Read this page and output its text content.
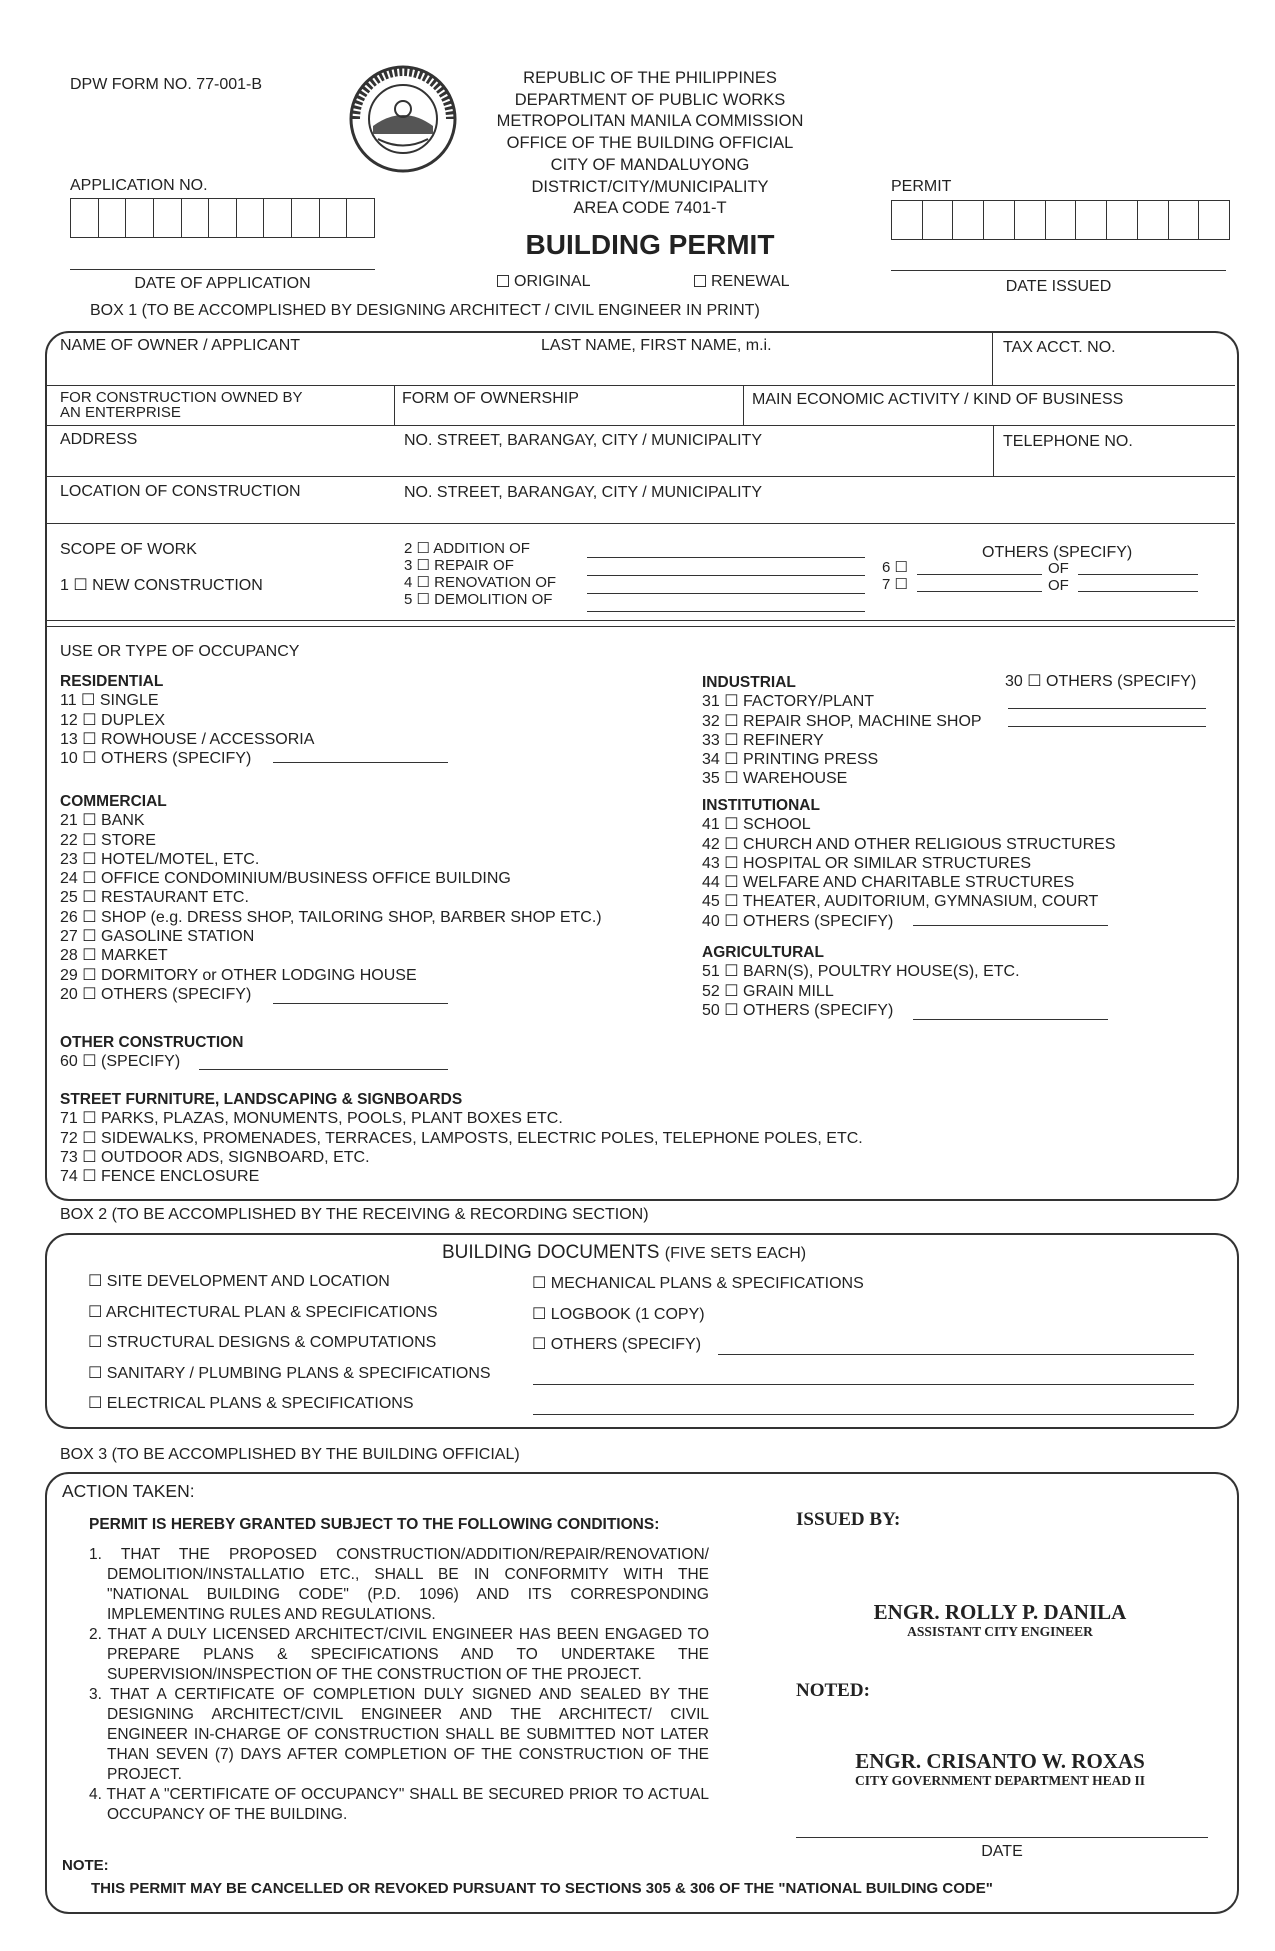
DPW FORM NO. 77-001-B	REPUBLIC OF THE PHILIPPINES
DEPARTMENT OF PUBLIC WORKS
METROPOLITAN MANILA COMMISSION
OFFICE OF THE BUILDING OFFICIAL
CITY OF MANDALUYONG
DISTRICT/CITY/MUNICIPALITY
AREA CODE 7401-T
BUILDING PERMIT
APPLICATION NO.	PERMIT
DATE OF APPLICATION	ORIGINAL	RENEWAL	DATE ISSUED
BOX 1 (TO BE ACCOMPLISHED BY DESIGNING ARCHITECT / CIVIL ENGINEER IN PRINT)
NAME OF OWNER / APPLICANT	LAST NAME, FIRST NAME, m.i.	TAX ACCT. NO.
FOR CONSTRUCTION OWNED BY AN ENTERPRISE
FORM OF OWNERSHIP	MAIN ECONOMIC ACTIVITY / KIND OF BUSINESS
ADDRESS	NO. STREET, BARANGAY, CITY / MUNICIPALITY	TELEPHONE NO.
LOCATION OF CONSTRUCTION	NO. STREET, BARANGAY, CITY / MUNICIPALITY
SCOPE OF WORK
1 ☐ NEW CONSTRUCTION
2 ☐ ADDITION OF
3 ☐ REPAIR OF
4 ☐ RENOVATION OF
5 ☐ DEMOLITION OF
OTHERS (SPECIFY)
6 ☐
7 ☐
OF
OF
USE OR TYPE OF OCCUPANCY
RESIDENTIAL
11 ☐ SINGLE
12 ☐ DUPLEX
13 ☐ ROWHOUSE / ACCESSORIA
10 ☐ OTHERS (SPECIFY)
COMMERCIAL
21 ☐ BANK
22 ☐ STORE
23 ☐ HOTEL/MOTEL, ETC.
24 ☐ OFFICE CONDOMINIUM/BUSINESS OFFICE BUILDING
25 ☐ RESTAURANT ETC.
26 ☐ SHOP (e.g. DRESS SHOP, TAILORING SHOP, BARBER SHOP ETC.)
27 ☐ GASOLINE STATION
28 ☐ MARKET
29 ☐ DORMITORY or OTHER LODGING HOUSE
20 ☐ OTHERS (SPECIFY)
OTHER CONSTRUCTION
60 ☐ (SPECIFY)
STREET FURNITURE, LANDSCAPING & SIGNBOARDS
71 ☐ PARKS, PLAZAS, MONUMENTS, POOLS, PLANT BOXES ETC.
72 ☐ SIDEWALKS, PROMENADES, TERRACES, LAMPOSTS, ELECTRIC POLES, TELEPHONE POLES, ETC.
73 ☐ OUTDOOR ADS, SIGNBOARD, ETC.
74 ☐ FENCE ENCLOSURE
INDUSTRIAL
31 ☐ FACTORY/PLANT
32 ☐ REPAIR SHOP, MACHINE SHOP
33 ☐ REFINERY
34 ☐ PRINTING PRESS
35 ☐ WAREHOUSE
30 ☐ OTHERS (SPECIFY)
INSTITUTIONAL
41 ☐ SCHOOL
42 ☐ CHURCH AND OTHER RELIGIOUS STRUCTURES
43 ☐ HOSPITAL OR SIMILAR STRUCTURES
44 ☐ WELFARE AND CHARITABLE STRUCTURES
45 ☐ THEATER, AUDITORIUM, GYMNASIUM, COURT
40 ☐ OTHERS (SPECIFY)
AGRICULTURAL
51 ☐ BARN(S), POULTRY HOUSE(S), ETC.
52 ☐ GRAIN MILL
50 ☐ OTHERS (SPECIFY)
BOX 2 (TO BE ACCOMPLISHED BY THE RECEIVING & RECORDING SECTION)
BUILDING DOCUMENTS (FIVE SETS EACH)
☐ SITE DEVELOPMENT AND LOCATION
☐ ARCHITECTURAL PLAN & SPECIFICATIONS
☐ STRUCTURAL DESIGNS & COMPUTATIONS
☐ SANITARY / PLUMBING PLANS & SPECIFICATIONS
☐ ELECTRICAL PLANS & SPECIFICATIONS
☐ MECHANICAL PLANS & SPECIFICATIONS
☐ LOGBOOK (1 COPY)
☐ OTHERS (SPECIFY)
BOX 3 (TO BE ACCOMPLISHED BY THE BUILDING OFFICIAL)
ACTION TAKEN:
PERMIT IS HEREBY GRANTED SUBJECT TO THE FOLLOWING CONDITIONS:
1. THAT THE PROPOSED CONSTRUCTION/ADDITION/REPAIR/RENOVATION/ DEMOLITION/INSTALLATIO ETC., SHALL BE IN CONFORMITY WITH THE "NATIONAL BUILDING CODE" (P.D. 1096) AND ITS CORRESPONDING IMPLEMENTING RULES AND REGULATIONS.
2. THAT A DULY LICENSED ARCHITECT/CIVIL ENGINEER HAS BEEN ENGAGED TO PREPARE PLANS & SPECIFICATIONS AND TO UNDERTAKE THE SUPERVISION/INSPECTION OF THE CONSTRUCTION OF THE PROJECT.
3. THAT A CERTIFICATE OF COMPLETION DULY SIGNED AND SEALED BY THE DESIGNING ARCHITECT/CIVIL ENGINEER AND THE ARCHITECT/ CIVIL ENGINEER IN-CHARGE OF CONSTRUCTION SHALL BE SUBMITTED NOT LATER THAN SEVEN (7) DAYS AFTER COMPLETION OF THE CONSTRUCTION OF THE PROJECT.
4. THAT A "CERTIFICATE OF OCCUPANCY" SHALL BE SECURED PRIOR TO ACTUAL OCCUPANCY OF THE BUILDING.
ISSUED BY:
ENGR. ROLLY P. DANILA
ASSISTANT CITY ENGINEER
NOTED:
ENGR. CRISANTO W. ROXAS
CITY GOVERNMENT DEPARTMENT HEAD II
DATE
NOTE:
THIS PERMIT MAY BE CANCELLED OR REVOKED PURSUANT TO SECTIONS 305 & 306 OF THE "NATIONAL BUILDING CODE"
